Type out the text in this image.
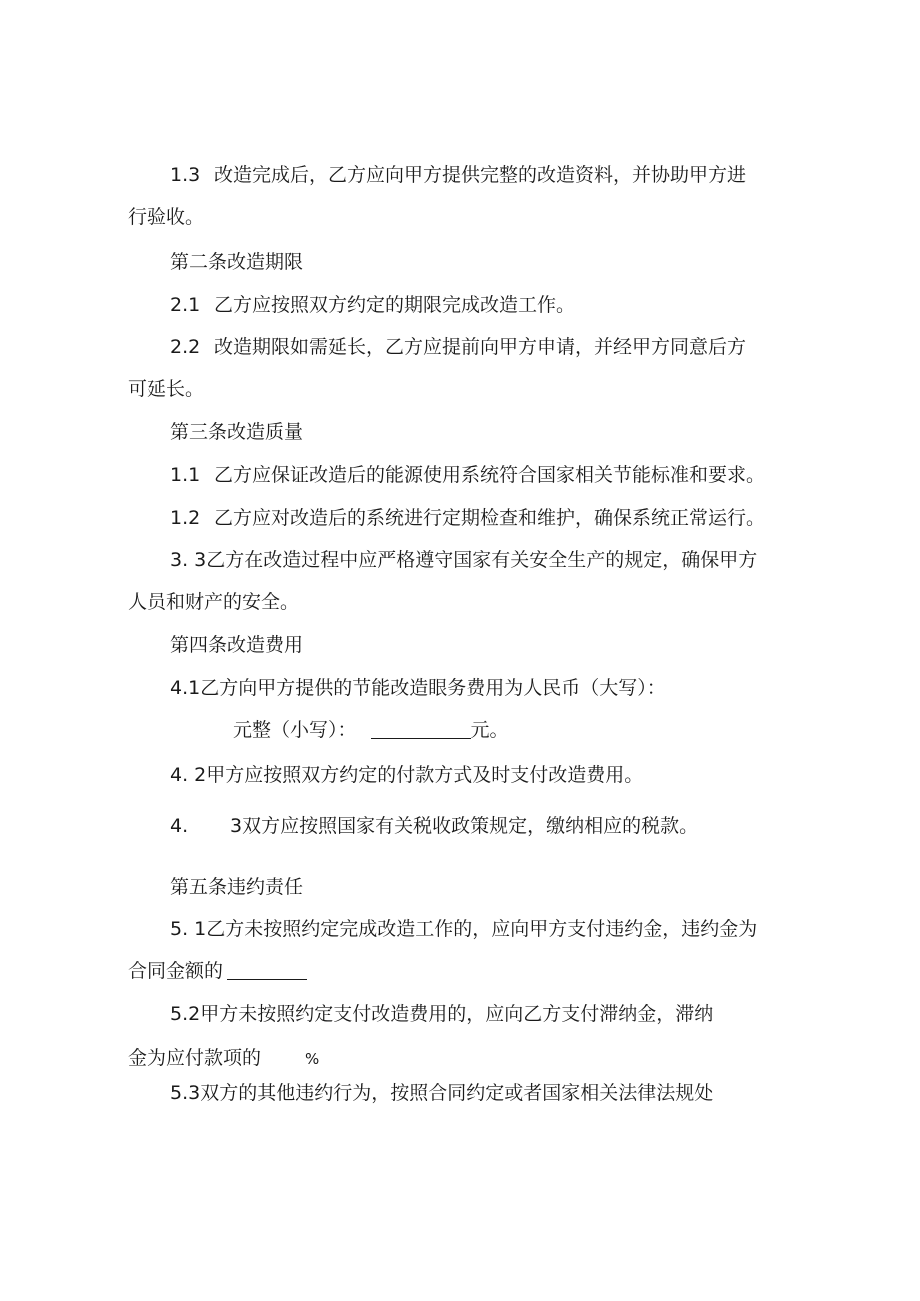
1.3 改造完成后，乙方应向甲方提供完整的改造资料，并协助甲方进
行验收。
第二条改造期限
2.1 乙方应按照双方约定的期限完成改造工作。
2.2 改造期限如需延长，乙方应提前向甲方申请，并经甲方同意后方
可延长。
第三条改造质量
1.1 乙方应保证改造后的能源使用系统符合国家相关节能标准和要求。
1.2 乙方应对改造后的系统进行定期检查和维护，确保系统正常运行。
3. 3乙方在改造过程中应严格遵守国家有关安全生产的规定，确保甲方
人员和财产的安全。
第四条改造费用
4.1乙方向甲方提供的节能改造眼务费用为人民币（大写）：
元整（小写）：	元。
4. 2甲方应按照双方约定的付款方式及时支付改造费用。
4. 3双方应按照国家有关税收政策规定，缴纳相应的税款。
第五条违约责任
5. 1乙方未按照约定完成改造工作的，应向甲方支付违约金，违约金为
合同金额的
5.2甲方未按照约定支付改造费用的，应向乙方支付滞纳金，滞纳
金为应付款项的	%
5.3双方的其他违约行为，按照合同约定或者国家相关法律法规处
